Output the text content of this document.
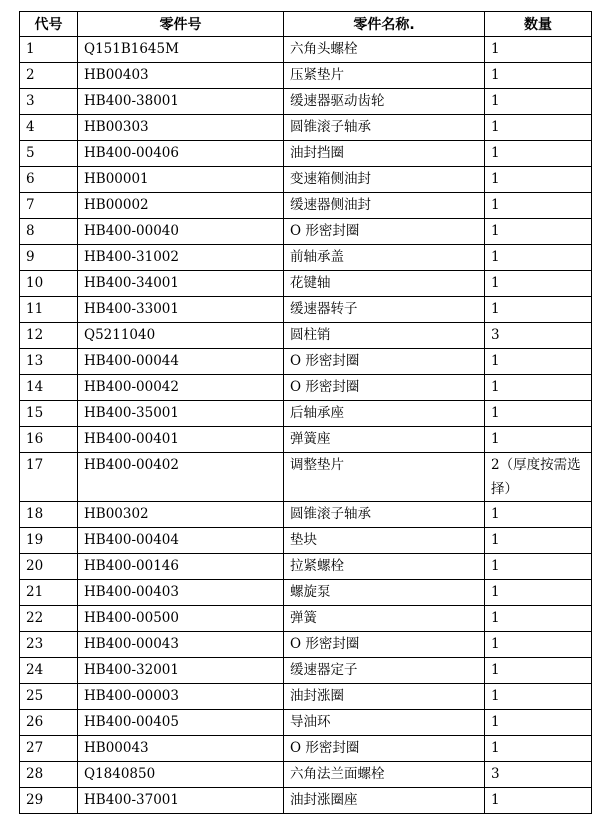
代号	零件号	零件名称.	数量
1	Q151B1645M	六角头螺栓	1
2	HB00403	压紧垫片	1
3	HB400-38001	缓速器驱动齿轮	1
4	HB00303	圆锥滚子轴承	1
5	HB400-00406	油封挡圈	1
6	HB00001	变速箱侧油封	1
7	HB00002	缓速器侧油封	1
8	HB400-00040	O 形密封圈	1
9	HB400-31002	前轴承盖	1
10	HB400-34001	花键轴	1
11	HB400-33001	缓速器转子	1
12	Q5211040	圆柱销	3
13	HB400-00044	O 形密封圈	1
14	HB400-00042	O 形密封圈	1
15	HB400-35001	后轴承座	1
16	HB400-00401	弹簧座	1
17	HB400-00402	调整垫片	2（厚度按需选择）
18	HB00302	圆锥滚子轴承	1
19	HB400-00404	垫块	1
20	HB400-00146	拉紧螺栓	1
21	HB400-00403	螺旋泵	1
22	HB400-00500	弹簧	1
23	HB400-00043	O 形密封圈	1
24	HB400-32001	缓速器定子	1
25	HB400-00003	油封涨圈	1
26	HB400-00405	导油环	1
27	HB00043	O 形密封圈	1
28	Q1840850	六角法兰面螺栓	3
29	HB400-37001	油封涨圈座	1
